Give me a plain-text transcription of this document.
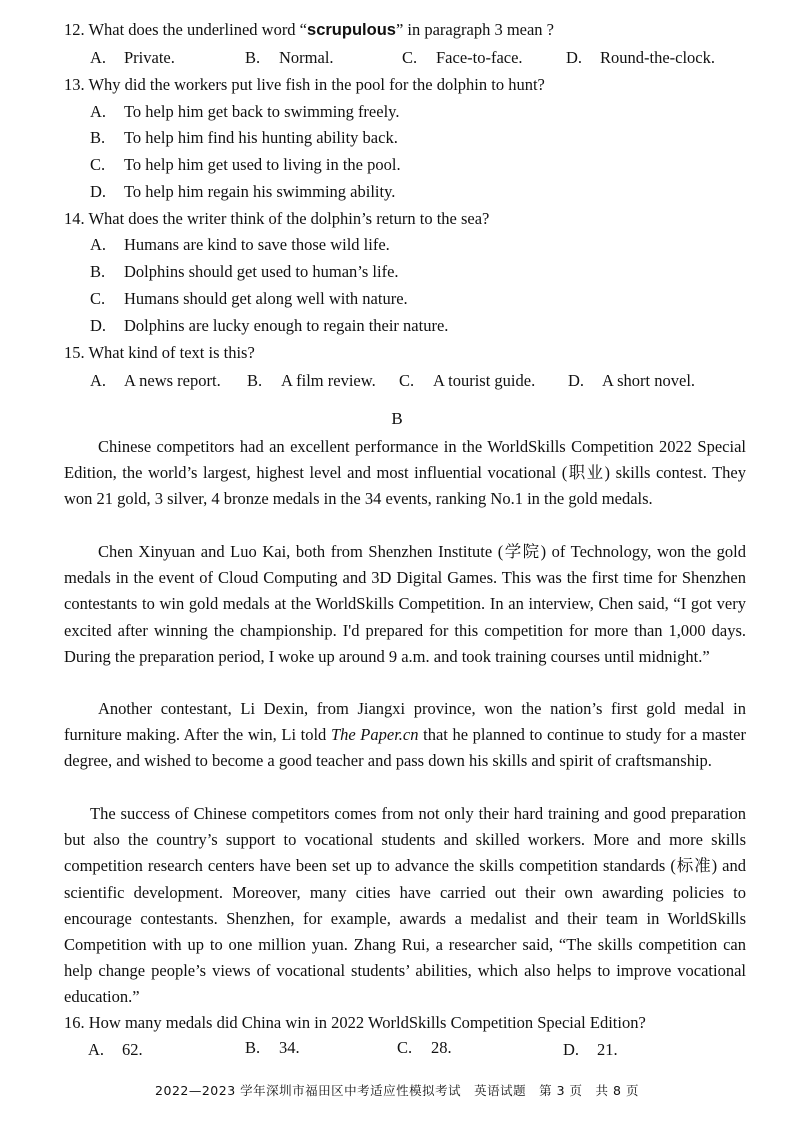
12. What does the underlined word “scrupulous” in paragraph 3 mean ?
A. Private.	B. Normal.	C. Face-to-face.	D. Round-the-clock.
13. Why did the workers put live fish in the pool for the dolphin to hunt?
A. To help him get back to swimming freely.
B. To help him find his hunting ability back.
C. To help him get used to living in the pool.
D. To help him regain his swimming ability.
14. What does the writer think of the dolphin’s return to the sea?
A. Humans are kind to save those wild life.
B. Dolphins should get used to human’s life.
C. Humans should get along well with nature.
D. Dolphins are lucky enough to regain their nature.
15. What kind of text is this?
A. A news report. B. A film review. C. A tourist guide. D. A short novel.
B
Chinese competitors had an excellent performance in the WorldSkills Competition 2022 Special Edition, the world’s largest, highest level and most influential vocational (职业) skills contest. They won 21 gold, 3 silver, 4 bronze medals in the 34 events, ranking No.1 in the gold medals.
Chen Xinyuan and Luo Kai, both from Shenzhen Institute (学院) of Technology, won the gold medals in the event of Cloud Computing and 3D Digital Games. This was the first time for Shenzhen contestants to win gold medals at the WorldSkills Competition. In an interview, Chen said, “I got very excited after winning the championship. I'd prepared for this competition for more than 1,000 days. During the preparation period, I woke up around 9 a.m. and took training courses until midnight.”
Another contestant, Li Dexin, from Jiangxi province, won the nation’s first gold medal in furniture making. After the win, Li told The Paper.cn that he planned to continue to study for a master degree, and wished to become a good teacher and pass down his skills and spirit of craftsmanship.
The success of Chinese competitors comes from not only their hard training and good preparation but also the country’s support to vocational students and skilled workers. More and more skills competition research centers have been set up to advance the skills competition standards (标准) and scientific development. Moreover, many cities have carried out their own awarding policies to encourage contestants. Shenzhen, for example, awards a medalist and their team in WorldSkills Competition with up to one million yuan. Zhang Rui, a researcher said, “The skills competition can help change people’s views of vocational students’ abilities, which also helps to improve vocational education.”
16. How many medals did China win in 2022 WorldSkills Competition Special Edition?
A. 62.	B. 34.	C. 28.	D. 21.
2022—2023 学年深圳市福田区中考适应性模拟考试　英语试题　第 3 页　共 8 页
